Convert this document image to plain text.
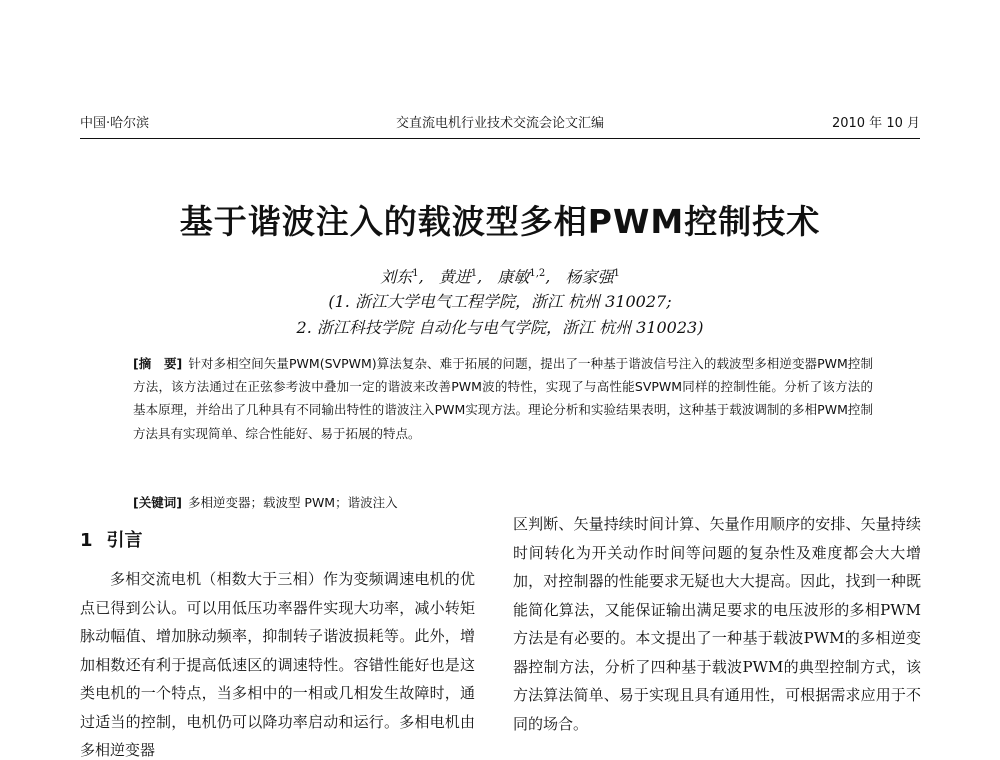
中国·哈尔滨	交直流电机行业技术交流会论文汇编	2010 年 10 月
基于谐波注入的载波型多相PWM控制技术
刘东$^1$, 黄进$^1$, 康敏$^{1,2}$, 杨家强$^1$
(1. 浙江大学电气工程学院，浙江 杭州 310027;
2. 浙江科技学院 自动化与电气学院，浙江 杭州 310023)

[摘　要] 针对多相空间矢量PWM(SVPWM)算法复杂、难于拓展的问题，提出了一种基于谐波信号注入的载波型多相逆变器PWM控制方法，该方法通过在正弦参考波中叠加一定的谐波来改善PWM波的特性，实现了与高性能SVPWM同样的控制性能。分析了该方法的基本原理，并给出了几种具有不同输出特性的谐波注入PWM实现方法。理论分析和实验结果表明，这种基于载波调制的多相PWM控制方法具有实现简单、综合性能好、易于拓展的特点。

[关键词] 多相逆变器；载波型 PWM；谐波注入

1 引言

多相交流电机（相数大于三相）作为变频调速电机的优点已得到公认。可以用低压功率器件实现大功率，减小转矩脉动幅值、增加脉动频率，抑制转子谐波损耗等。此外，增加相数还有利于提高低速区的调速特性。容错性能好也是这类电机的一个特点，当多相中的一相或几相发生故障时，通过适当的控制，电机仍可以降功率启动和运行。多相电机由多相逆变器

区判断、矢量持续时间计算、矢量作用顺序的安排、矢量持续时间转化为开关动作时间等问题的复杂性及难度都会大大增加，对控制器的性能要求无疑也大大提高。因此，找到一种既能简化算法，又能保证输出满足要求的电压波形的多相PWM方法是有必要的。本文提出了一种基于载波PWM的多相逆变器控制方法，分析了四种基于载波PWM的典型控制方式，该方法算法简单、易于实现且具有通用性，可根据需求应用于不同的场合。
